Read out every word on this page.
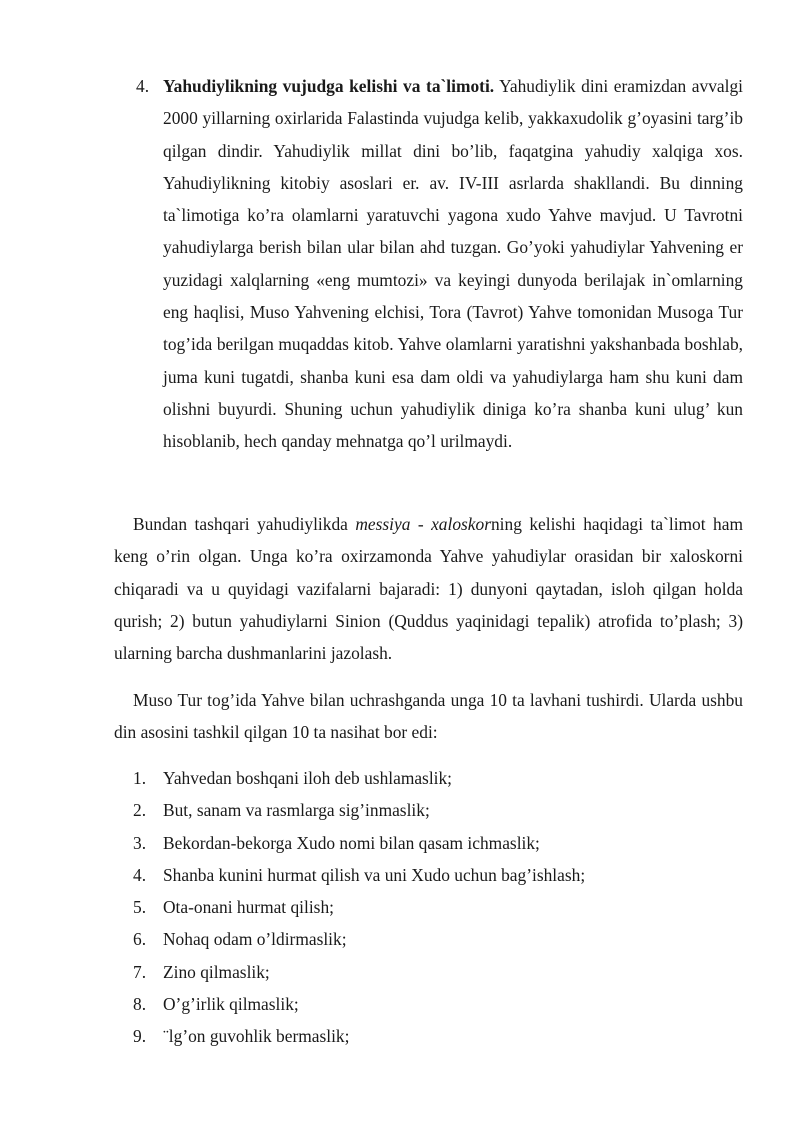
4. Yahudiylikning vujudga kelishi va ta`limoti. Yahudiylik dini eramizdan avvalgi 2000 yillarning oxirlarida Falastinda vujudga kelib, yakkaxudolik g’oyasini targ’ib qilgan dindir. Yahudiylik millat dini bo’lib, faqatgina yahudiy xalqiga xos. Yahudiylikning kitobiy asoslari er. av. IV-III asrlarda shakllandi. Bu dinning ta`limotiga ko’ra olamlarni yaratuvchi yagona xudo Yahve mavjud. U Tavrotni yahudiylarga berish bilan ular bilan ahd tuzgan. Go’yoki yahudiylar Yahvening er yuzidagi xalqlarning «eng mumtozi» va keyingi dunyoda berilajak in`omlarning eng haqlisi, Muso Yahvening elchisi, Tora (Tavrot) Yahve tomonidan Musoga Tur tog’ida berilgan muqaddas kitob. Yahve olamlarni yaratishni yakshanbada boshlab, juma kuni tugatdi, shanba kuni esa dam oldi va yahudiylarga ham shu kuni dam olishni buyurdi. Shuning uchun yahudiylik diniga ko’ra shanba kuni ulug’ kun hisoblanib, hech qanday mehnatga qo’l urilmaydi.
Bundan tashqari yahudiylikda messiya - xaloskorning kelishi haqidagi ta`limot ham keng o’rin olgan. Unga ko’ra oxirzamonda Yahve yahudiylar orasidan bir xaloskorni chiqaradi va u quyidagi vazifalarni bajaradi: 1) dunyoni qaytadan, isloh qilgan holda qurish; 2) butun yahudiylarni Sinion (Quddus yaqinidagi tepalik) atrofida to’plash; 3) ularning barcha dushmanlarini jazolash.
Muso Tur tog’ida Yahve bilan uchrashganda unga 10 ta lavhani tushirdi. Ularda ushbu din asosini tashkil qilgan 10 ta nasihat bor edi:
1. Yahvedan boshqani iloh deb ushlamaslik;
2. But, sanam va rasmlarga sig’inmaslik;
3. Bekordan-bekorga Xudo nomi bilan qasam ichmaslik;
4. Shanba kunini hurmat qilish va uni Xudo uchun bag’ishlash;
5. Ota-onani hurmat qilish;
6. Nohaq odam o’ldirmaslik;
7. Zino qilmaslik;
8. O’g’irlik qilmaslik;
9. ¨lg’on guvohlik bermaslik;
